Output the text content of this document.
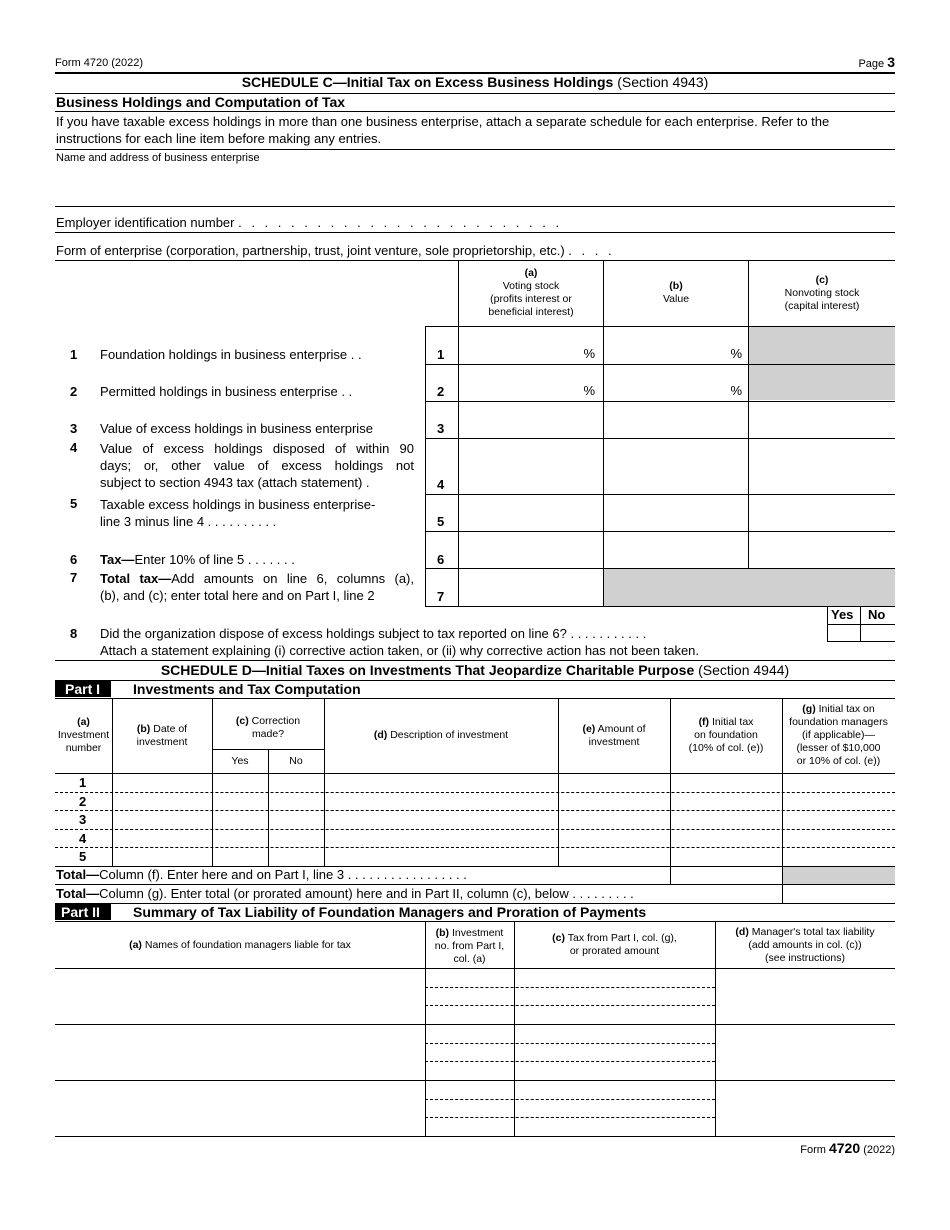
Form 4720 (2022)	Page 3
SCHEDULE C—Initial Tax on Excess Business Holdings (Section 4943)
Business Holdings and Computation of Tax
If you have taxable excess holdings in more than one business enterprise, attach a separate schedule for each enterprise. Refer to the
instructions for each line item before making any entries.
Name and address of business enterprise
Employer identification number . . . . . . . . . . . . . . . . . . . . . . . . .
Form of enterprise (corporation, partnership, trust, joint venture, sole proprietorship, etc.) . . . .
(a)
Voting stock
(profits interest or
beneficial interest)
(b)
Value
(c)
Nonvoting stock
(capital interest)
1 Foundation holdings in business enterprise . .	1	%	%
2 Permitted holdings in business enterprise . .	2	%	%
3 Value of excess holdings in business enterprise	3
4 Value of excess holdings disposed of within 90
days; or, other value of excess holdings not
subject to section 4943 tax (attach statement) .	4
5 Taxable excess holdings in business enterprise-
line 3 minus line 4 . . . . . . . . . .	5
6 Tax—Enter 10% of line 5 . . . . . . .	6
7 Total tax—Add amounts on line 6, columns (a),
(b), and (c); enter total here and on Part I, line 2	7
Yes No
8 Did the organization dispose of excess holdings subject to tax reported on line 6? . . . . . . . . . . .
Attach a statement explaining (i) corrective action taken, or (ii) why corrective action has not been taken.
SCHEDULE D—Initial Taxes on Investments That Jeopardize Charitable Purpose (Section 4944)
Part I Investments and Tax Computation
(a)
Investment
number
(b) Date of
investment
(c) Correction
made?
Yes	No
(d) Description of investment	(e) Amount of
investment
(f) Initial tax
on foundation
(10% of col. (e))
(g) Initial tax on
foundation managers
(if applicable)—
(lesser of $10,000
or 10% of col. (e))
1
2
3
4
5
Total—Column (f). Enter here and on Part I, line 3 . . . . . . . . . . . . . . . . .
Total—Column (g). Enter total (or prorated amount) here and in Part II, column (c), below . . . . . . . . .
Part II Summary of Tax Liability of Foundation Managers and Proration of Payments
(a) Names of foundation managers liable for tax
(b) Investment
no. from Part I,
col. (a)
(c) Tax from Part I, col. (g),
or prorated amount
(d) Manager's total tax liability
(add amounts in col. (c))
(see instructions)
Form 4720 (2022)
